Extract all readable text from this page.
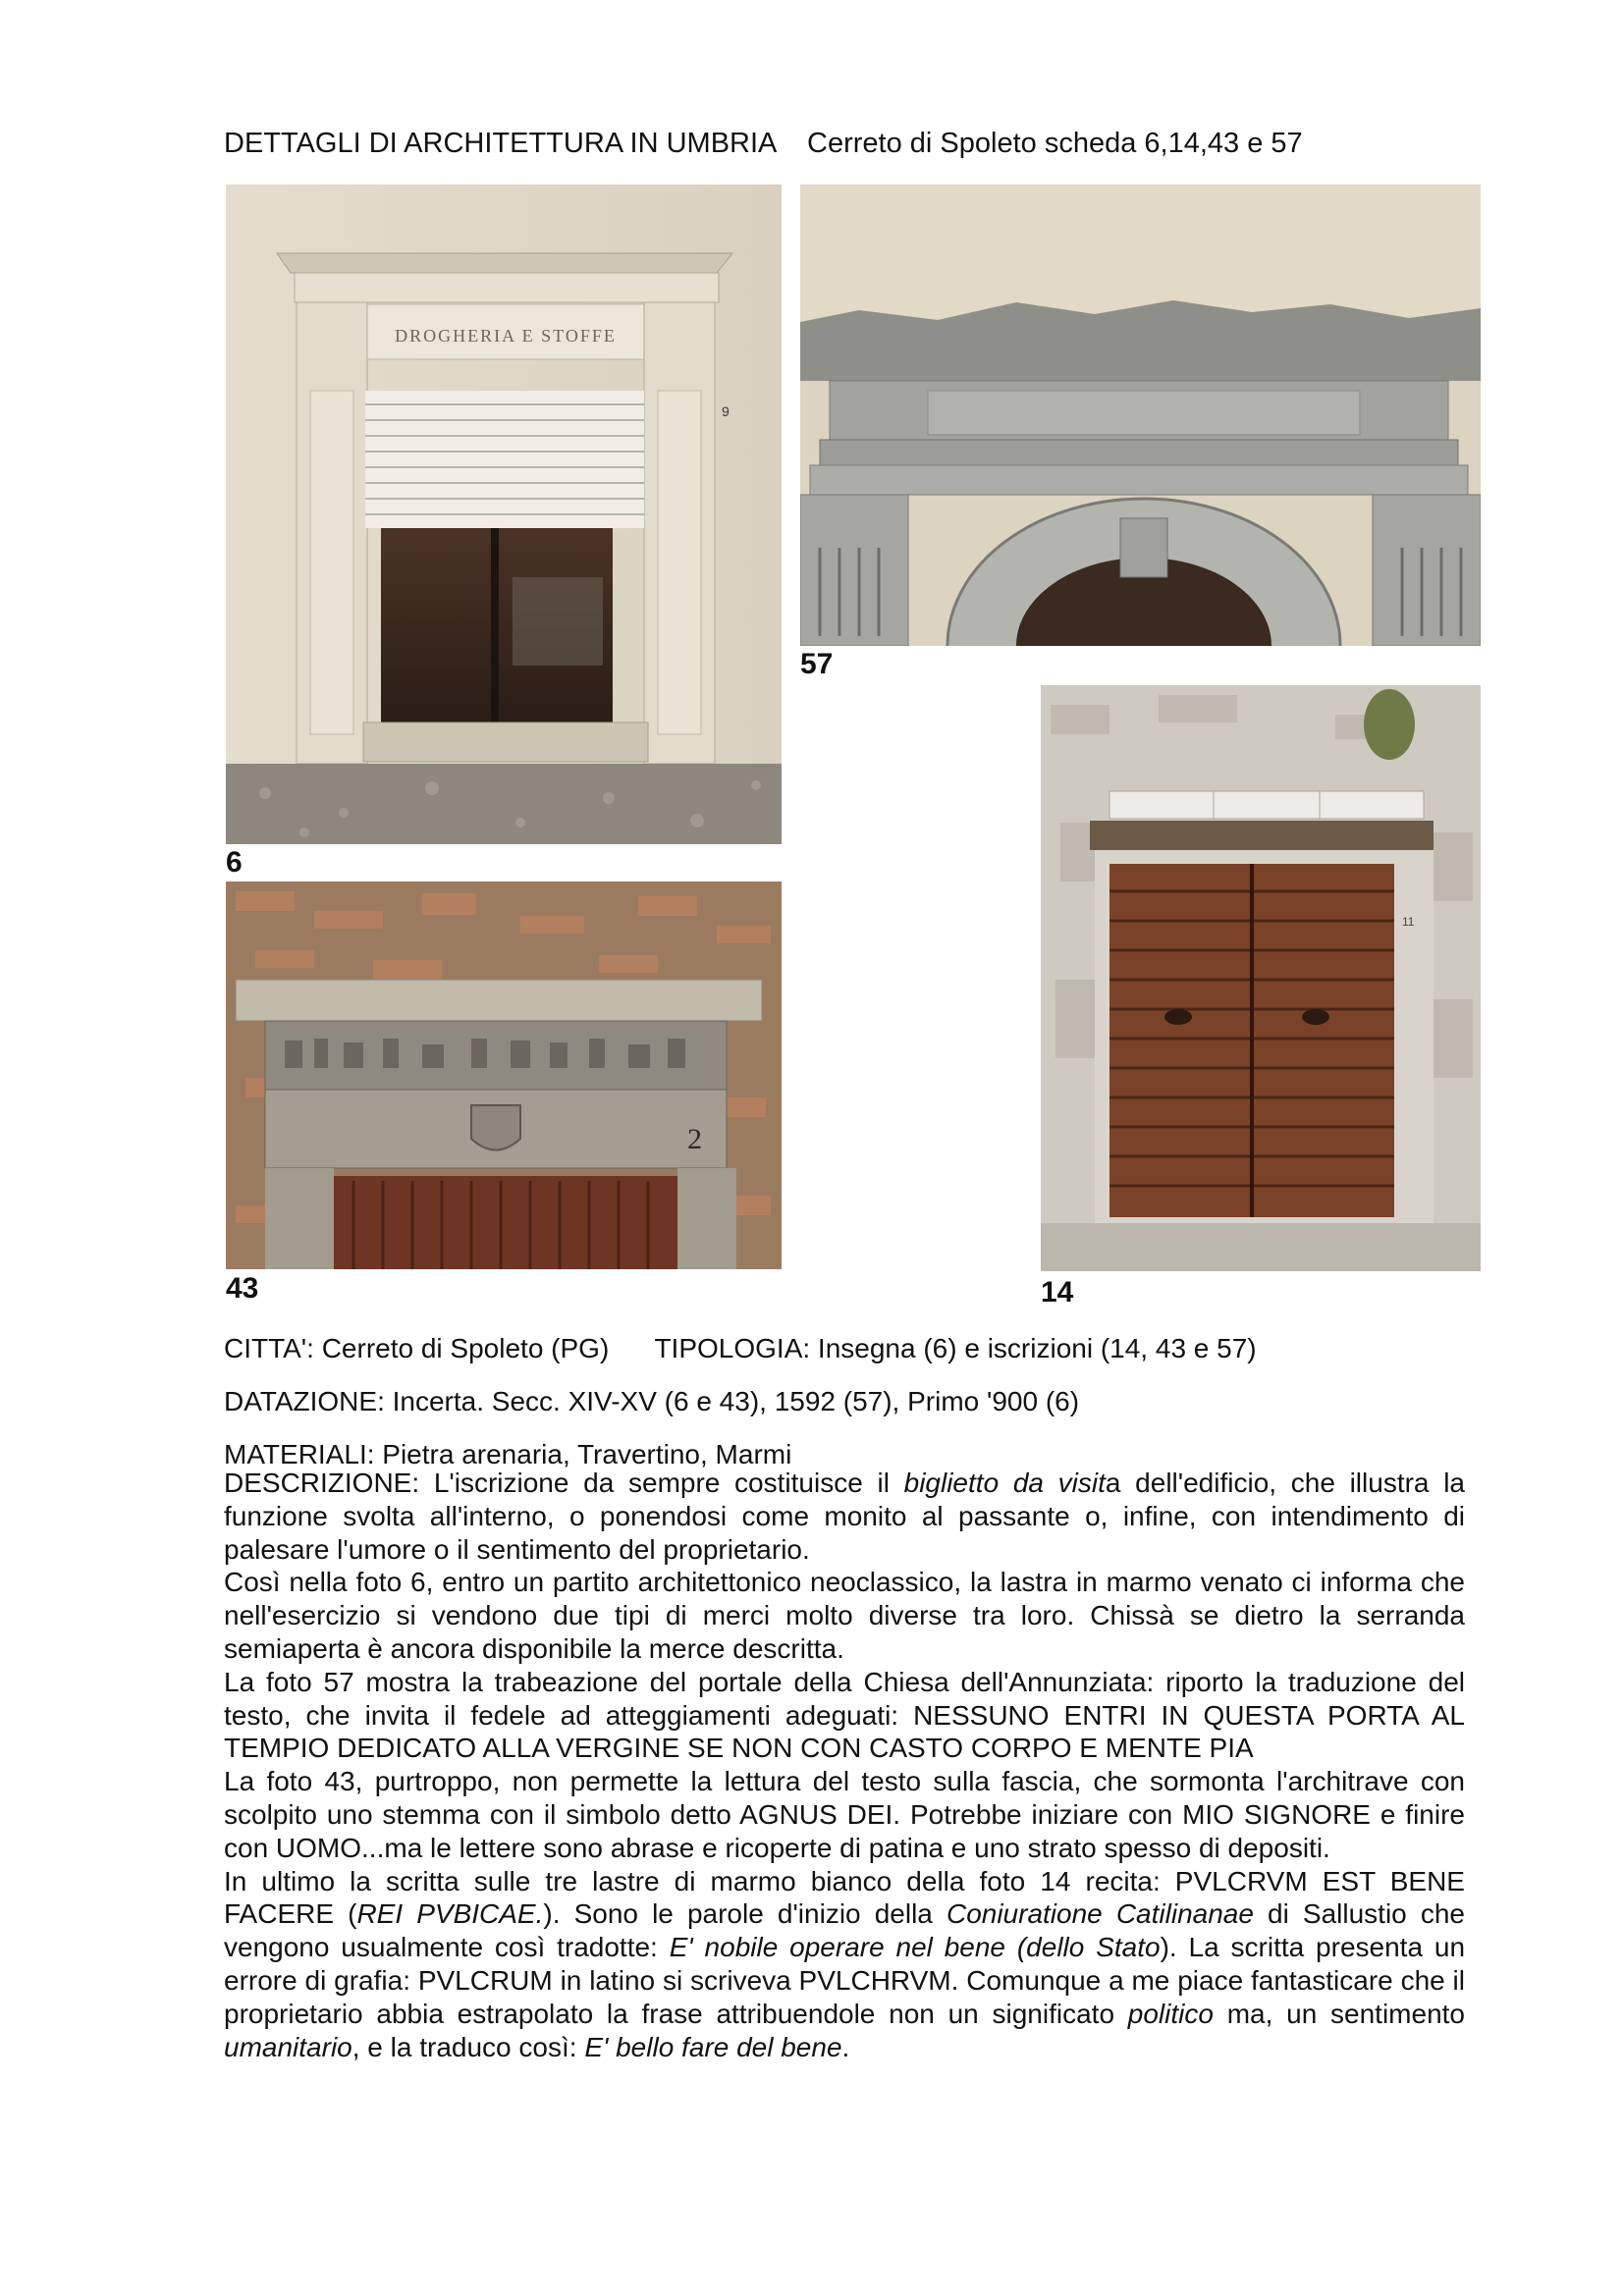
DETTAGLI DI ARCHITETTURA IN UMBRIA Cerreto di Spoleto scheda 6,14,43 e 57
DROGHERIA E STOFFE
9
6
57
2
43
11
14
CITTA': Cerreto di Spoleto (PG) TIPOLOGIA: Insegna (6) e iscrizioni (14, 43 e 57)
DATAZIONE: Incerta. Secc. XIV-XV (6 e 43), 1592 (57), Primo '900 (6)
MATERIALI: Pietra arenaria, Travertino, Marmi

DESCRIZIONE: L'iscrizione da sempre costituisce il biglietto da visita dell'edificio, che illustra la funzione svolta all'interno, o ponendosi come monito al passante o, infine, con intendimento di palesare l'umore o il sentimento del proprietario.

Così nella foto 6, entro un partito architettonico neoclassico, la lastra in marmo venato ci informa che nell'esercizio si vendono due tipi di merci molto diverse tra loro. Chissà se dietro la serranda semiaperta è ancora disponibile la merce descritta.

La foto 57 mostra la trabeazione del portale della Chiesa dell'Annunziata: riporto la traduzione del testo, che invita il fedele ad atteggiamenti adeguati: NESSUNO ENTRI IN QUESTA PORTA AL TEMPIO DEDICATO ALLA VERGINE SE NON CON CASTO CORPO E MENTE PIA

La foto 43, purtroppo, non permette la lettura del testo sulla fascia, che sormonta l'architrave con scolpito uno stemma con il simbolo detto AGNUS DEI. Potrebbe iniziare con MIO SIGNORE e finire con UOMO...ma le lettere sono abrase e ricoperte di patina e uno strato spesso di depositi.

In ultimo la scritta sulle tre lastre di marmo bianco della foto 14 recita: PVLCRVM EST BENE FACERE (REI PVBICAE.). Sono le parole d'inizio della Coniuratione Catilinanae di Sallustio che vengono usualmente così tradotte: E' nobile operare nel bene (dello Stato). La scritta presenta un errore di grafia: PVLCRUM in latino si scriveva PVLCHRVM. Comunque a me piace fantasticare che il proprietario abbia estrapolato la frase attribuendole non un significato politico ma, un sentimento umanitario, e la traduco così: E' bello fare del bene.
